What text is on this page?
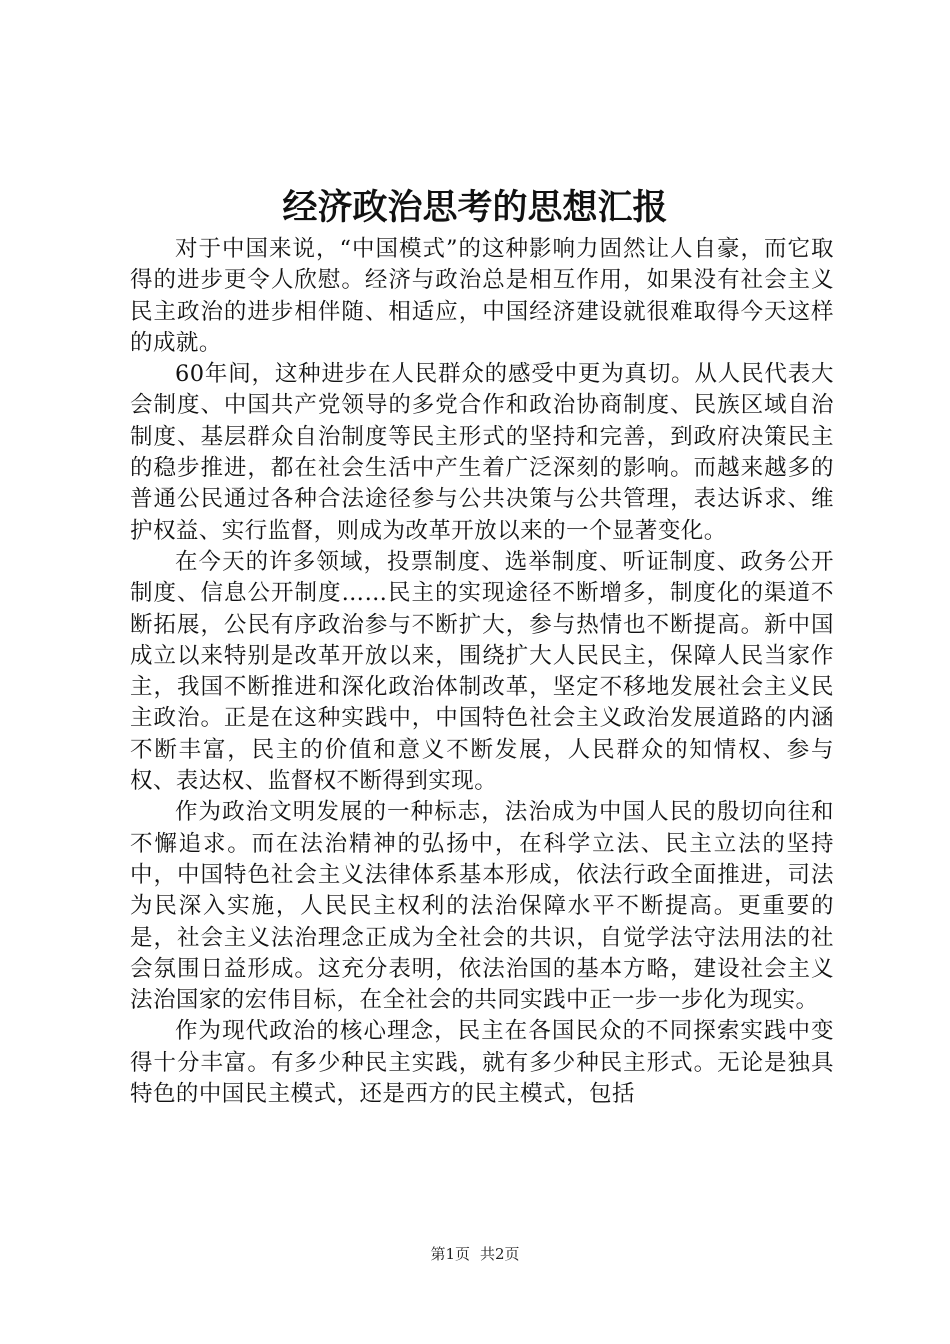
经济政治思考的思想汇报

对于中国来说，“中国模式”的这种影响力固然让人自豪，而它取得的进步更令人欣慰。经济与政治总是相互作用，如果没有社会主义民主政治的进步相伴随、相适应，中国经济建设就很难取得今天这样的成就。

60年间，这种进步在人民群众的感受中更为真切。从人民代表大会制度、中国共产党领导的多党合作和政治协商制度、民族区域自治制度、基层群众自治制度等民主形式的坚持和完善，到政府决策民主的稳步推进，都在社会生活中产生着广泛深刻的影响。而越来越多的普通公民通过各种合法途径参与公共决策与公共管理，表达诉求、维护权益、实行监督，则成为改革开放以来的一个显著变化。

在今天的许多领域，投票制度、选举制度、听证制度、政务公开制度、信息公开制度……民主的实现途径不断增多，制度化的渠道不断拓展，公民有序政治参与不断扩大，参与热情也不断提高。新中国成立以来特别是改革开放以来，围绕扩大人民民主，保障人民当家作主，我国不断推进和深化政治体制改革，坚定不移地发展社会主义民主政治。正是在这种实践中，中国特色社会主义政治发展道路的内涵不断丰富，民主的价值和意义不断发展，人民群众的知情权、参与权、表达权、监督权不断得到实现。

作为政治文明发展的一种标志，法治成为中国人民的殷切向往和不懈追求。而在法治精神的弘扬中，在科学立法、民主立法的坚持中，中国特色社会主义法律体系基本形成，依法行政全面推进，司法为民深入实施，人民民主权利的法治保障水平不断提高。更重要的是，社会主义法治理念正成为全社会的共识，自觉学法守法用法的社会氛围日益形成。这充分表明，依法治国的基本方略，建设社会主义法治国家的宏伟目标，在全社会的共同实践中正一步一步化为现实。

作为现代政治的核心理念，民主在各国民众的不同探索实践中变得十分丰富。有多少种民主实践，就有多少种民主形式。无论是独具特色的中国民主模式，还是西方的民主模式，包括

第1页 共2页
